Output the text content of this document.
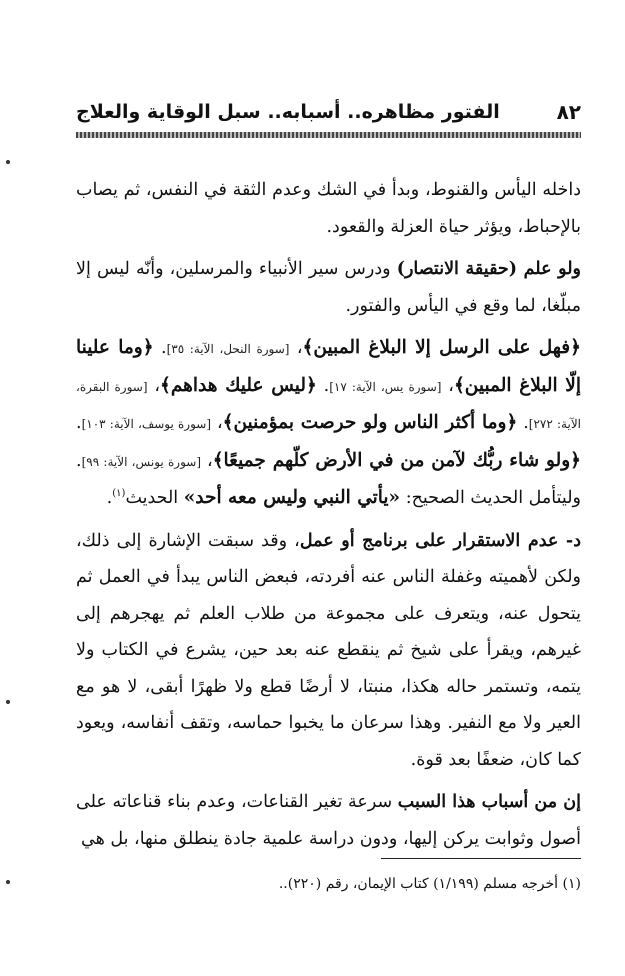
٨٢
الفتور مظاهره.. أسبابه.. سبل الوقاية والعلاج

داخله اليأس والقنوط، وبدأ في الشك وعدم الثقة في النفس، ثم يصاب بالإحباط، ويؤثر حياة العزلة والقعود.

ولو علم (حقيقة الانتصار) ودرس سير الأنبياء والمرسلين، وأنّه ليس إلا مبلّغا، لما وقع في اليأس والفتور.

﴿فهل على الرسل إلا البلاغ المبين﴾، [سورة النحل، الآية: ٣٥]. ﴿وما علينا إلّا البلاغ المبين﴾، [سورة يس، الآية: ١٧]. ﴿ليس عليك هداهم﴾، [سورة البقرة، الآية: ٢٧٢]. ﴿وما أكثر الناس ولو حرصت بمؤمنين﴾، [سورة يوسف، الآية: ١٠٣]. ﴿ولو شاء ربُّك لآمن من في الأرض كلّهم جميعًا﴾، [سورة يونس، الآية: ٩٩]. وليتأمل الحديث الصحيح: «يأتي النبي وليس معه أحد» الحديث$^{(١)}$.

د- عدم الاستقرار على برنامج أو عمل، وقد سبقت الإشارة إلى ذلك، ولكن لأهميته وغفلة الناس عنه أفردته، فبعض الناس يبدأ في العمل ثم يتحول عنه، ويتعرف على مجموعة من طلاب العلم ثم يهجرهم إلى غيرهم، ويقرأ على شيخ ثم ينقطع عنه بعد حين، يشرع في الكتاب ولا يتمه، وتستمر حاله هكذا، منبتا، لا أرضًا قطع ولا ظهرًا أبقى، لا هو مع العير ولا مع النفير. وهذا سرعان ما يخبوا حماسه، وتقف أنفاسه، ويعود كما كان، ضعفًا بعد قوة.

إن من أسباب هذا السبب سرعة تغير القناعات، وعدم بناء قناعاته على أصول وثوابت يركن إليها، ودون دراسة علمية جادة ينطلق منها، بل هي

(١) أخرجه مسلم (١/١٩٩) كتاب الإيمان، رقم (٢٢٠)..
